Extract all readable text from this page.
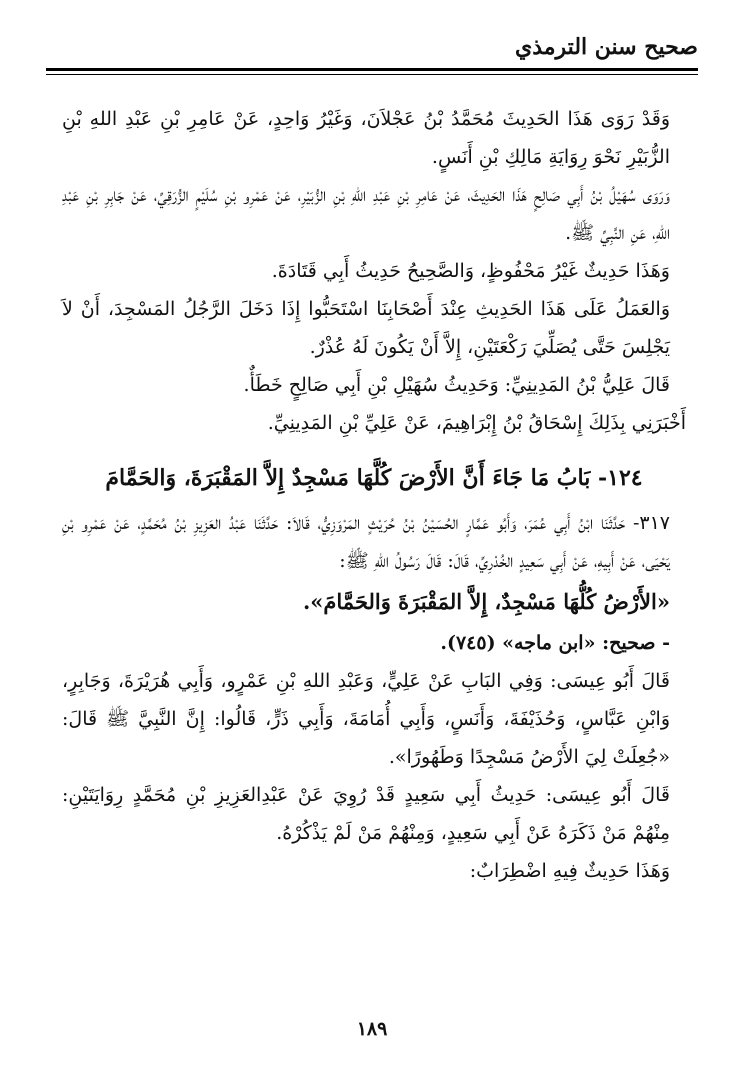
صحيح سنن الترمذي

وَقَدْ رَوَى هَذَا الحَدِيثَ مُحَمَّدُ بْنُ عَجْلاَنَ، وَغَيْرُ وَاحِدٍ، عَنْ عَامِرِ بْنِ عَبْدِ اللهِ بْنِ الزُّبَيْرِ نَحْوَ رِوَايَةِ مَالِكِ بْنِ أَنَسٍ.

وَرَوَى سُهَيْلُ بْنُ أَبِي صَالِحٍ هَذَا الحَدِيثَ، عَنْ عَامِرِ بْنِ عَبْدِ اللهِ بْنِ الزُّبَيْرِ، عَنْ عَمْرِو بْنِ سُلَيْمٍ الزُّرَقِيِّ، عَنْ جَابِرِ بْنِ عَبْدِ اللهِ، عَنِ النَّبِيِّ ﷺ.

وَهَذَا حَدِيثٌ غَيْرُ مَحْفُوظٍ، وَالصَّحِيحُ حَدِيثُ أَبِي قَتَادَةَ.

وَالعَمَلُ عَلَى هَذَا الحَدِيثِ عِنْدَ أَصْحَابِنَا اسْتَحَبُّوا إِذَا دَخَلَ الرَّجُلُ المَسْجِدَ، أَنْ لاَ يَجْلِسَ حَتَّى يُصَلِّيَ رَكْعَتَيْنِ، إِلاَّ أَنْ يَكُونَ لَهُ عُذْرٌ.

قَالَ عَلِيُّ بْنُ المَدِينِيِّ: وَحَدِيثُ سُهَيْلِ بْنِ أَبِي صَالِحٍ خَطَأٌ.

أَخْبَرَنِي بِذَلِكَ إِسْحَاقُ بْنُ إِبْرَاهِيمَ، عَنْ عَلِيِّ بْنِ المَدِينِيِّ.

١٢٤- بَابُ مَا جَاءَ أَنَّ الأَرْضَ كُلَّهَا مَسْجِدٌ إِلاَّ المَقْبَرَةَ، وَالحَمَّامَ

٣١٧- حَدَّثَنَا ابْنُ أَبِي عُمَرَ، وَأَبُو عَمَّارٍ الحُسَيْنُ بْنُ حُرَيْثٍ المَرْوَزِيُّ، قَالاَ: حَدَّثَنَا عَبْدُ العَزِيزِ بْنُ مُحَمَّدٍ، عَنْ عَمْرِو بْنِ يَحْيَى، عَنْ أَبِيهِ، عَنْ أَبِي سَعِيدٍ الخُدْرِيِّ، قَالَ: قَالَ رَسُولُ اللهِ ﷺ:

«الأَرْضُ كُلُّهَا مَسْجِدٌ، إِلاَّ المَقْبَرَةَ وَالحَمَّامَ».

- صحيح: «ابن ماجه» (٧٤٥).

قَالَ أَبُو عِيسَى: وَفِي البَابِ عَنْ عَلِيٍّ، وَعَبْدِ اللهِ بْنِ عَمْرٍو، وَأَبِي هُرَيْرَةَ، وَجَابِرٍ، وَابْنِ عَبَّاسٍ، وَحُذَيْفَةَ، وَأَنَسٍ، وَأَبِي أُمَامَةَ، وَأَبِي ذَرٍّ، قَالُوا: إِنَّ النَّبِيَّ ﷺ قَالَ: «جُعِلَتْ لِيَ الأَرْضُ مَسْجِدًا وَطَهُورًا».

قَالَ أَبُو عِيسَى: حَدِيثُ أَبِي سَعِيدٍ قَدْ رُوِيَ عَنْ عَبْدِالعَزِيزِ بْنِ مُحَمَّدٍ رِوَايَتَيْنِ: مِنْهُمْ مَنْ ذَكَرَهُ عَنْ أَبِي سَعِيدٍ، وَمِنْهُمْ مَنْ لَمْ يَذْكُرْهُ.

وَهَذَا حَدِيثٌ فِيهِ اضْطِرَابٌ:

١٨٩
